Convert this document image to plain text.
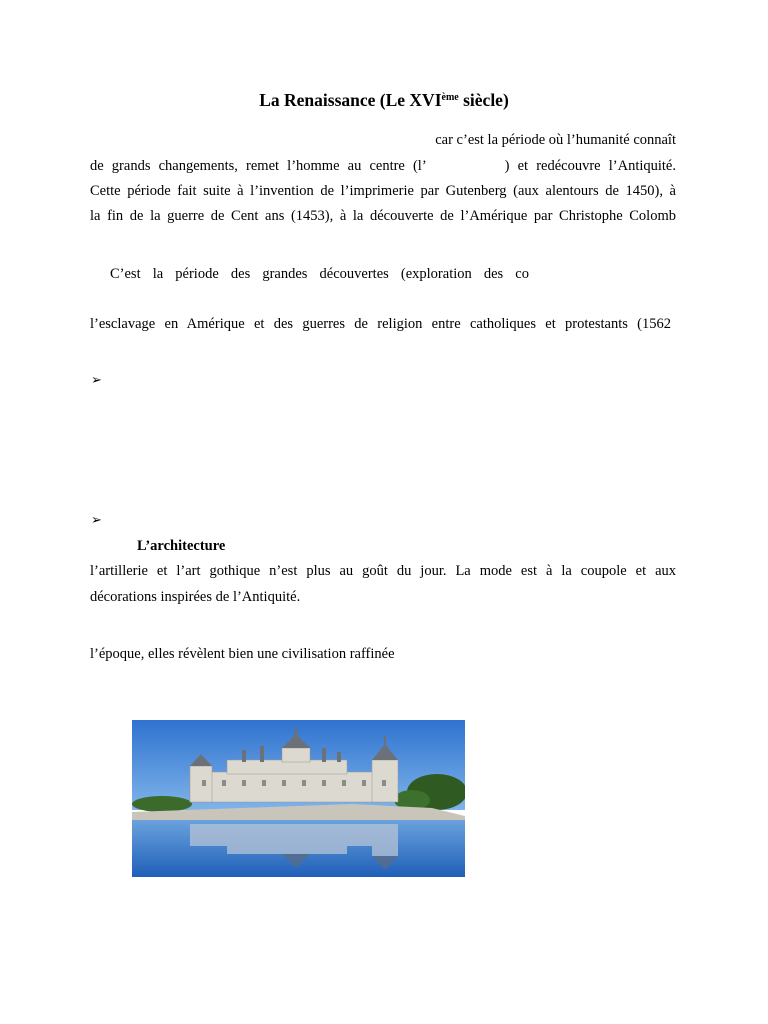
La Renaissance (Le XVIème siècle)
car c’est la période où l’humanité connaît
de grands changements, remet l’homme au centre (l’	) et redécouvre l’Antiquité.
Cette période fait suite à l’invention de l’imprimerie par Gutenberg (aux alentours de 1450), à
la fin de la guerre de Cent ans (1453), à la découverte de l’Amérique par Christophe Colomb
C’est la période des grandes découvertes (exploration des co
l’esclavage en Amérique et des guerres de religion entre catholiques et protestants (1562
➢
➢
L’architecture
l’artillerie et l’art gothique n’est plus au goût du jour. La mode est à la coupole et aux
décorations inspirées de l’Antiquité.
l’époque, elles révèlent bien une civilisation raffinée
